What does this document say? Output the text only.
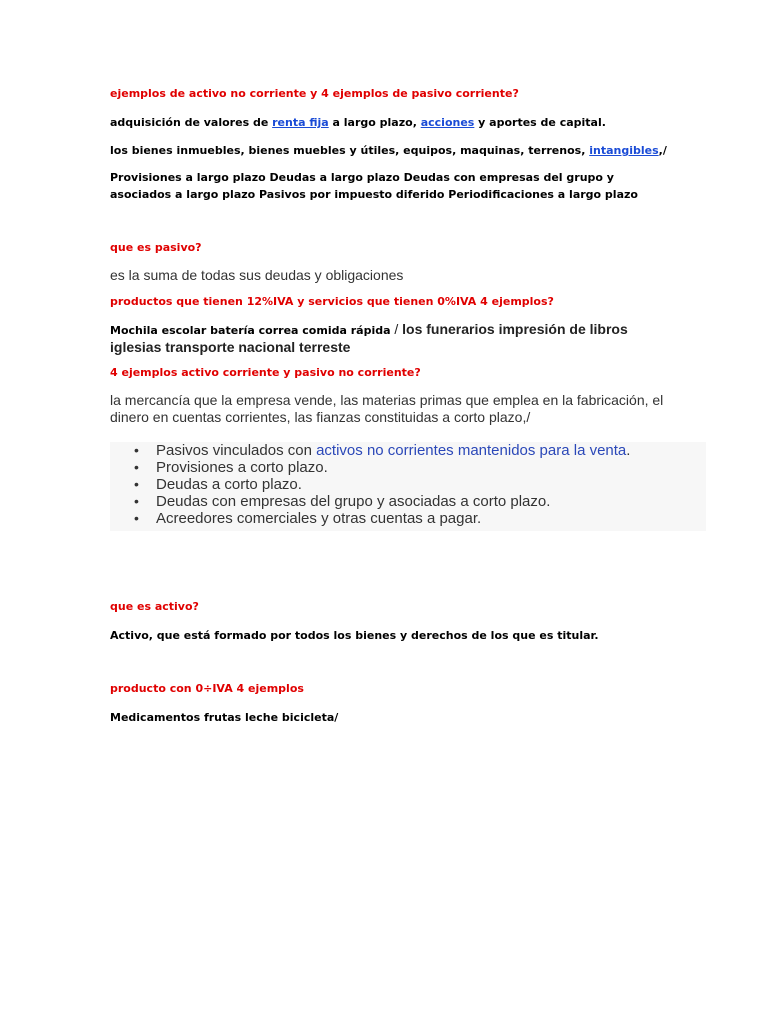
ejemplos de activo no corriente y 4 ejemplos de pasivo corriente?

adquisición de valores de renta fija a largo plazo, acciones y aportes de capital.

los bienes inmuebles, bienes muebles y útiles, equipos, maquinas, terrenos, intangibles,/

Provisiones a largo plazo Deudas a largo plazo Deudas con empresas del grupo y asociados a largo plazo Pasivos por impuesto diferido Periodificaciones a largo plazo

que es pasivo?

es la suma de todas sus deudas y obligaciones

productos que tienen 12%IVA y servicios que tienen 0%IVA 4 ejemplos?

Mochila escolar batería correa comida rápida / los funerarios impresión de libros iglesias transporte nacional terreste

4 ejemplos activo corriente y pasivo no corriente?

la mercancía que la empresa vende, las materias primas que emplea en la fabricación, el dinero en cuentas corrientes, las fianzas constituidas a corto plazo,/

• Pasivos vinculados con activos no corrientes mantenidos para la venta.
• Provisiones a corto plazo.
• Deudas a corto plazo.
• Deudas con empresas del grupo y asociadas a corto plazo.
• Acreedores comerciales y otras cuentas a pagar.

que es activo?

Activo, que está formado por todos los bienes y derechos de los que es titular.

producto con 0÷IVA 4 ejemplos

Medicamentos frutas leche bicicleta/
